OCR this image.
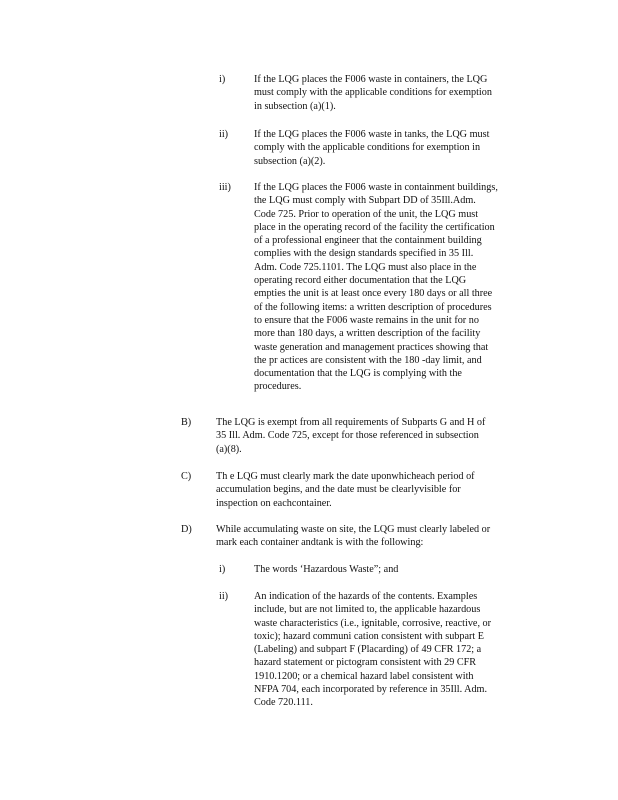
i)	If the LQG places the F006 waste in containers, the LQG
must comply with the applicable conditions for exemption
in subsection (a)(1).
ii)	If the LQG places the F006 waste in tanks, the LQG must
comply with the applicable conditions for exemption in
subsection (a)(2).
iii) If the LQG places the F006 waste in containment buildings,
the LQG must comply with Subpart DD of 35Ill.Adm.
Code 725. Prior to operation of the unit, the LQG must
place in the operating record of the facility the certification
of a professional engineer that the containment building
complies with the design standards specified in 35 Ill.
Adm. Code 725.1101. The LQG must also place in the
operating record either documentation that the LQG
empties the unit is at least once every 180 days or all three
of the following items: a written description of procedures
to ensure that the F006 waste remains in the unit for no
more than 180 days, a written description of the facility
waste generation and management practices showing that
the pr actices are consistent with the 180 -day limit, and
documentation that the LQG is complying with the
procedures.
B) The LQG is exempt from all requirements of Subparts G and H of
35 Ill. Adm. Code 725, except for those referenced in subsection
(a)(8).
C) Th e LQG must clearly mark the date uponwhicheach period of
accumulation begins, and the date must be clearlyvisible for
inspection on eachcontainer.
D) While accumulating waste on site, the LQG must clearly labeled or
mark each container andtank is with the following:
i)	The words ‘Hazardous Waste”; and
ii)	An indication of the hazards of the contents. Examples
include, but are not limited to, the applicable hazardous
waste characteristics (i.e., ignitable, corrosive, reactive, or
toxic); hazard communi cation consistent with subpart E
(Labeling) and subpart F (Placarding) of 49 CFR 172; a
hazard statement or pictogram consistent with 29 CFR
1910.1200; or a chemical hazard label consistent with
NFPA 704, each incorporated by reference in 35Ill. Adm.
Code 720.111.
